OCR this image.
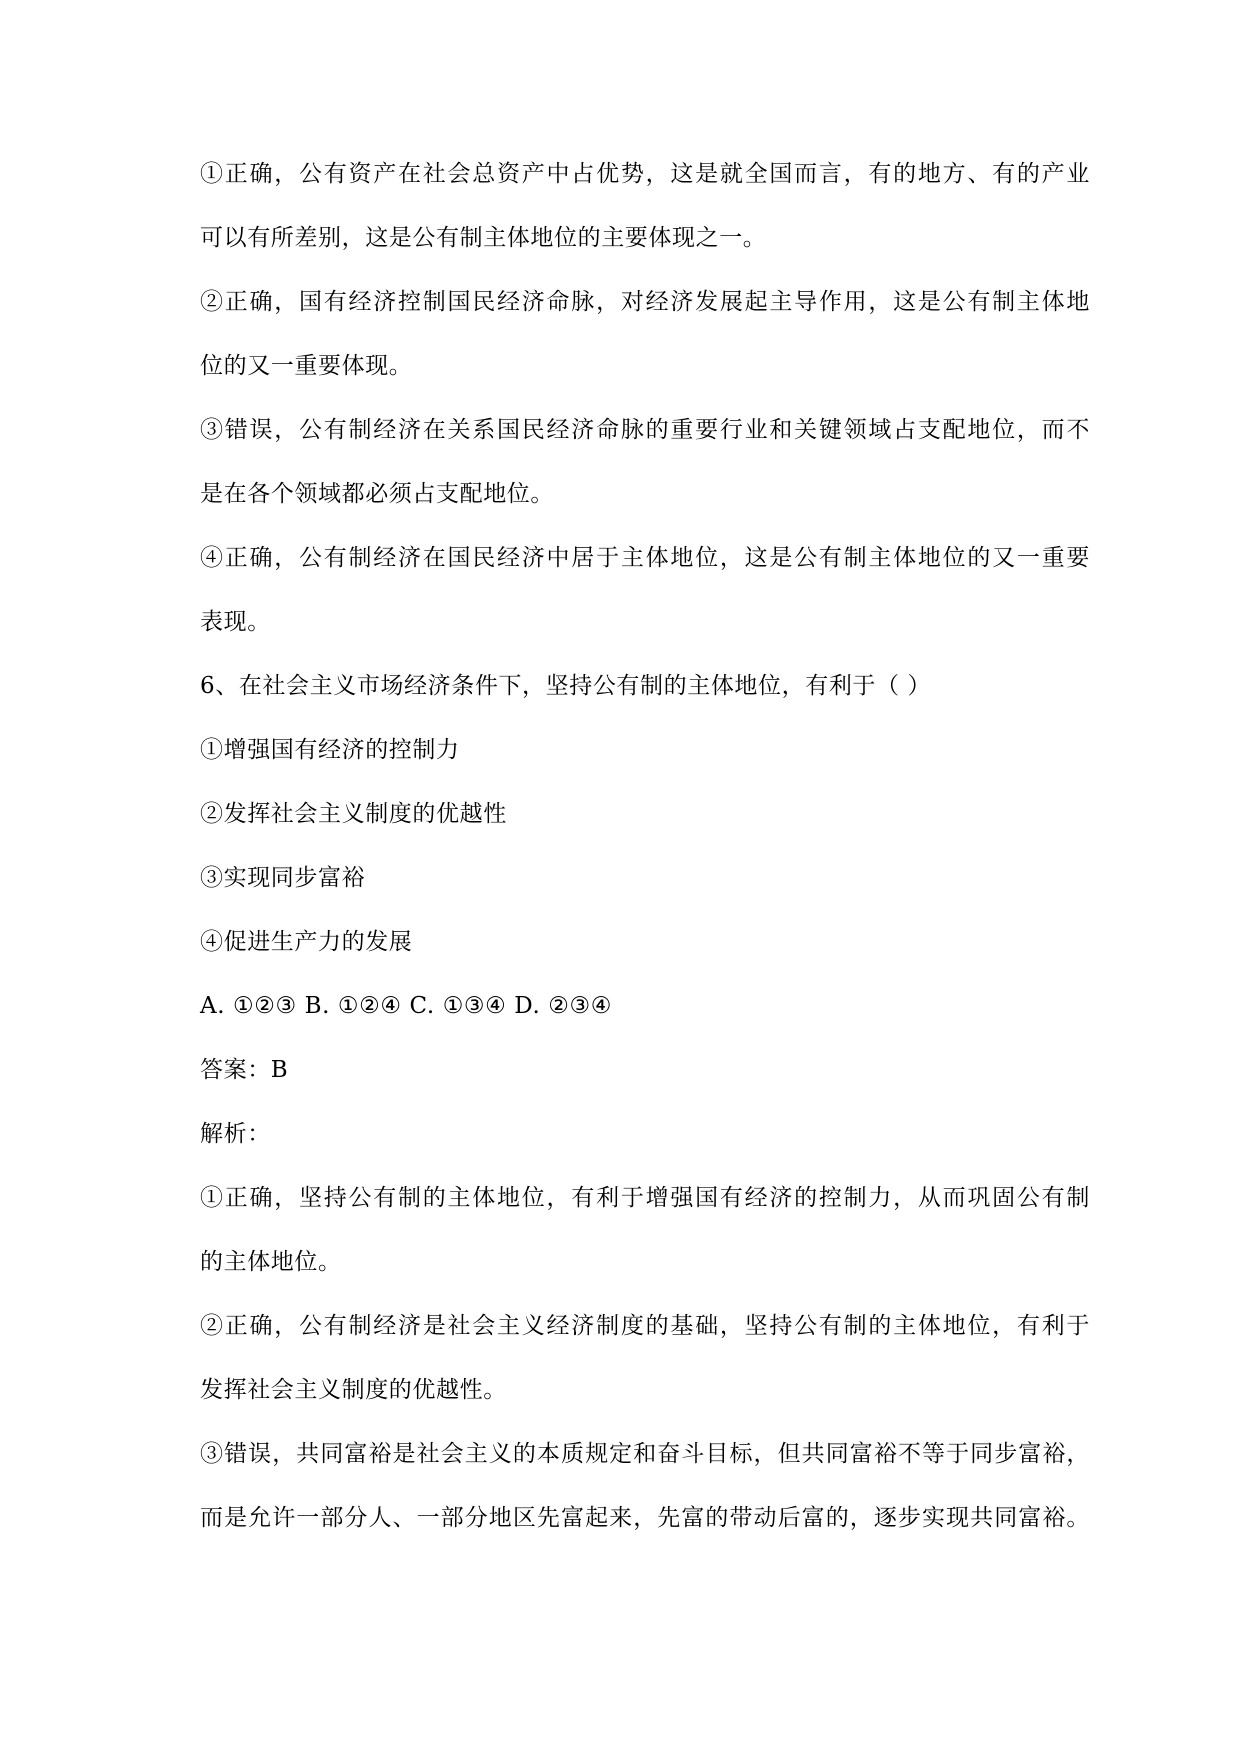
①正确，公有资产在社会总资产中占优势，这是就全国而言，有的地方、有的产业
可以有所差别，这是公有制主体地位的主要体现之一。
②正确，国有经济控制国民经济命脉，对经济发展起主导作用，这是公有制主体地
位的又一重要体现。
③错误，公有制经济在关系国民经济命脉的重要行业和关键领域占支配地位，而不
是在各个领域都必须占支配地位。
④正确，公有制经济在国民经济中居于主体地位，这是公有制主体地位的又一重要
表现。
6、在社会主义市场经济条件下，坚持公有制的主体地位，有利于（ ）
①增强国有经济的控制力
②发挥社会主义制度的优越性
③实现同步富裕
④促进生产力的发展
A. ①②③ B. ①②④ C. ①③④ D. ②③④
答案：B
解析：
①正确，坚持公有制的主体地位，有利于增强国有经济的控制力，从而巩固公有制
的主体地位。
②正确，公有制经济是社会主义经济制度的基础，坚持公有制的主体地位，有利于
发挥社会主义制度的优越性。
③错误，共同富裕是社会主义的本质规定和奋斗目标，但共同富裕不等于同步富裕，
而是允许一部分人、一部分地区先富起来，先富的带动后富的，逐步实现共同富裕。
